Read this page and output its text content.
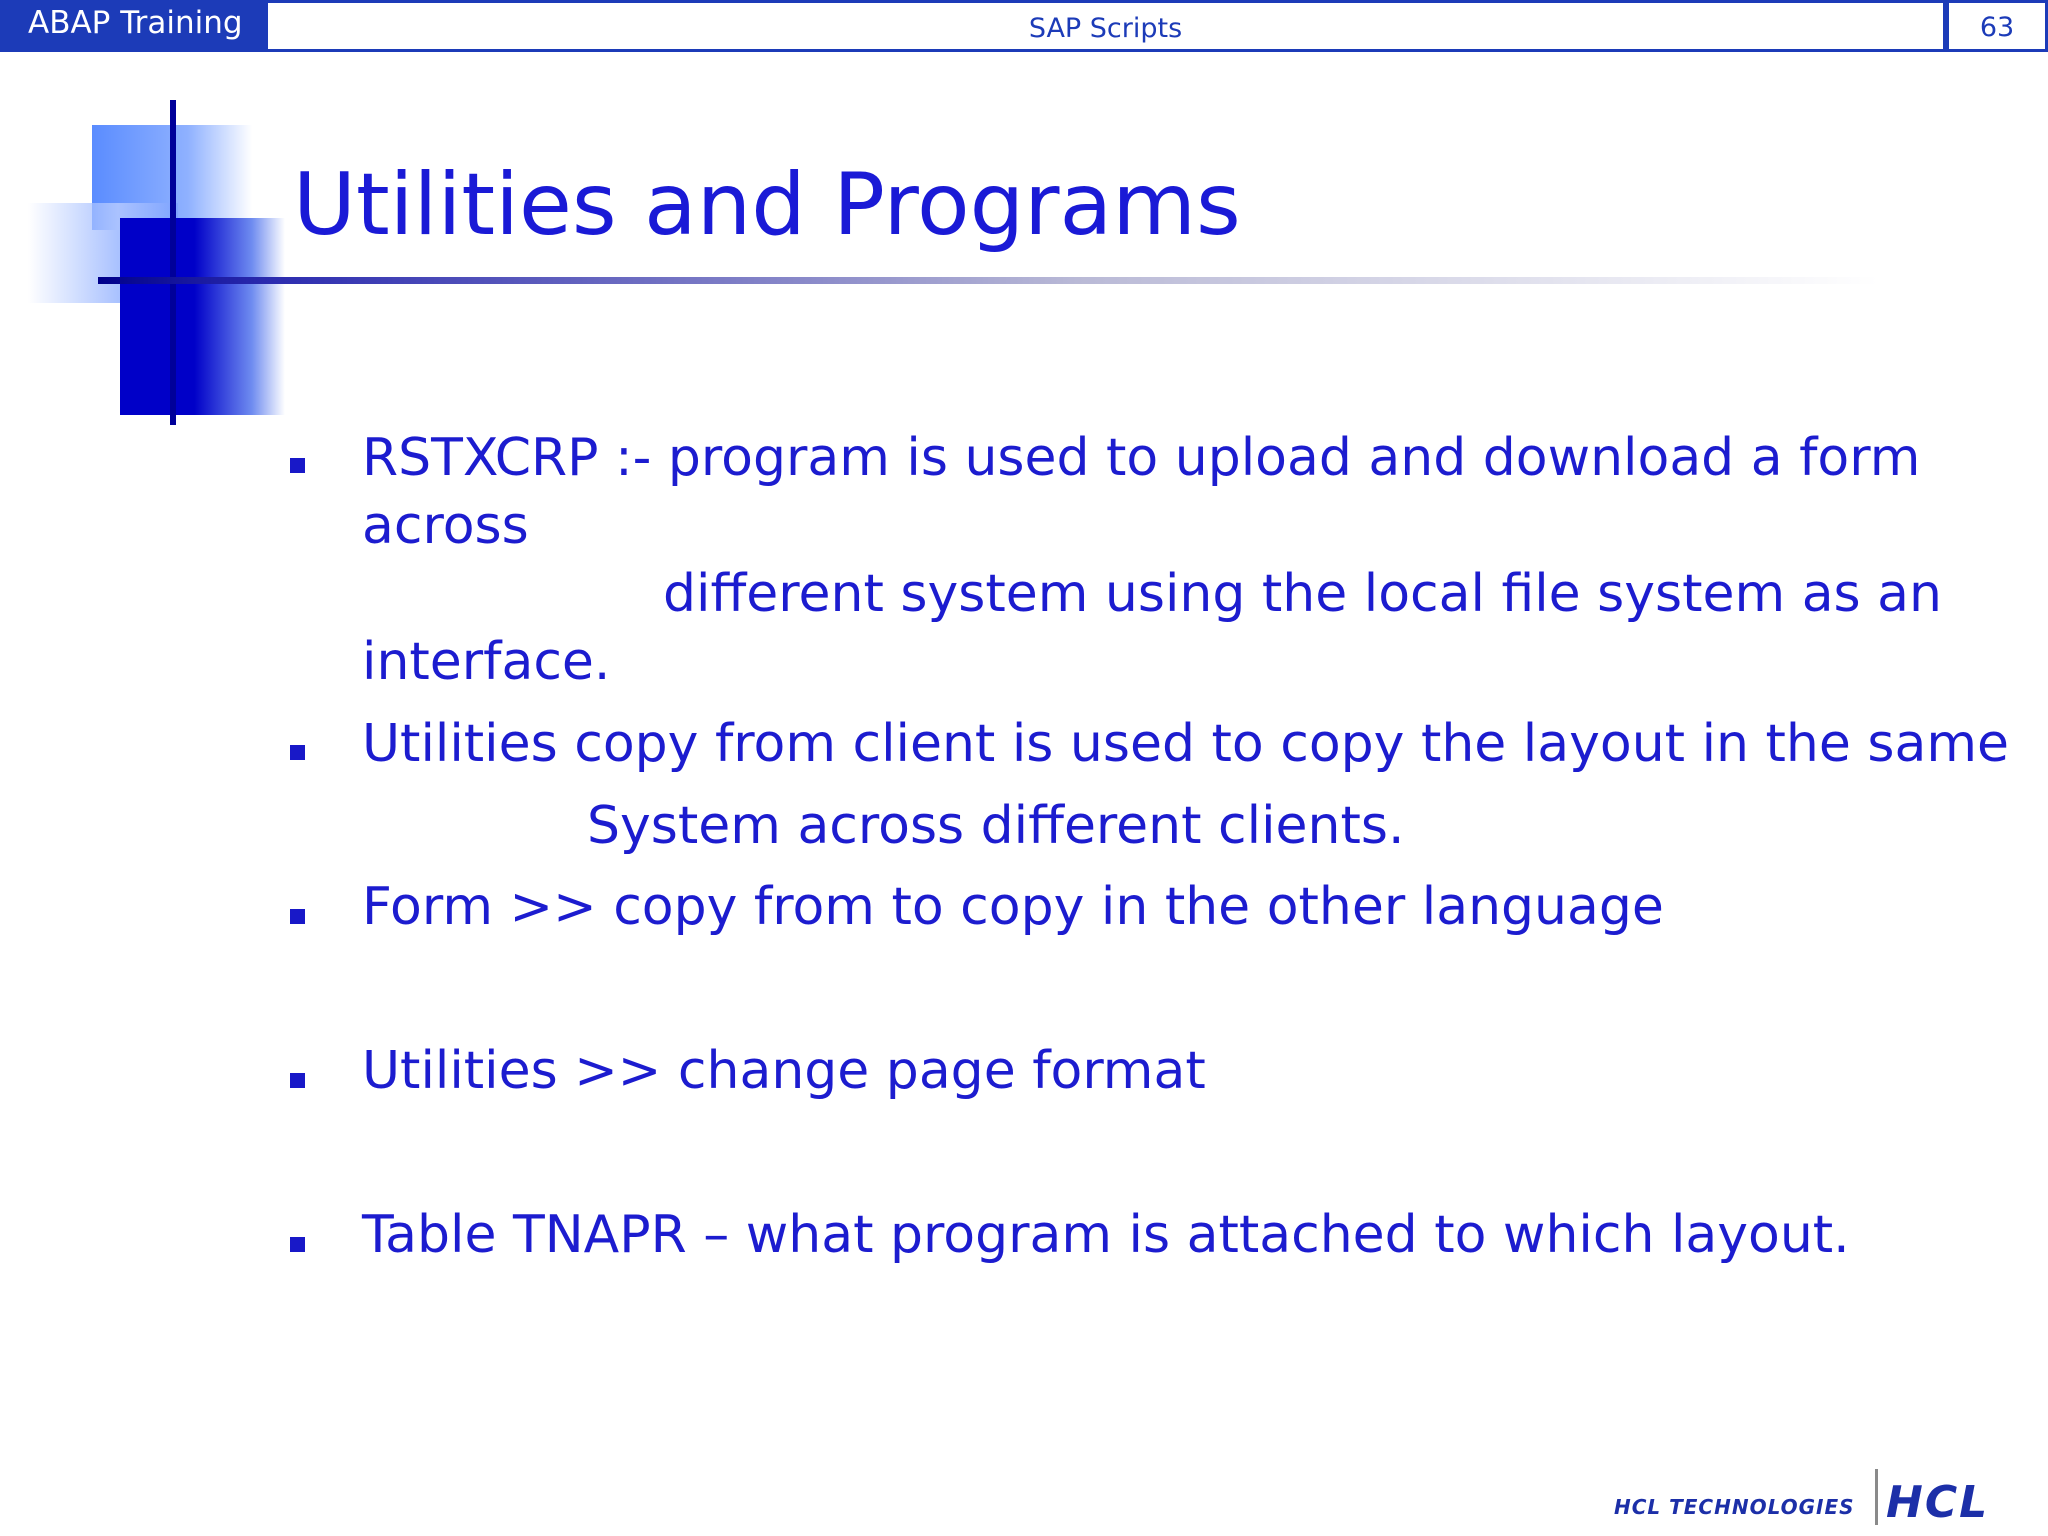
ABAP Training	SAP Scripts	63
Utilities and Programs
RSTXCRP :- program is used to upload and download a form
across
different system using the local file system as an
interface.
Utilities copy from client is used to copy the layout in the same
System across different clients.
Form >> copy from to copy in the other language
Utilities >> change page format
Table TNAPR – what program is attached to which layout.
HCL TECHNOLOGIES HCL
